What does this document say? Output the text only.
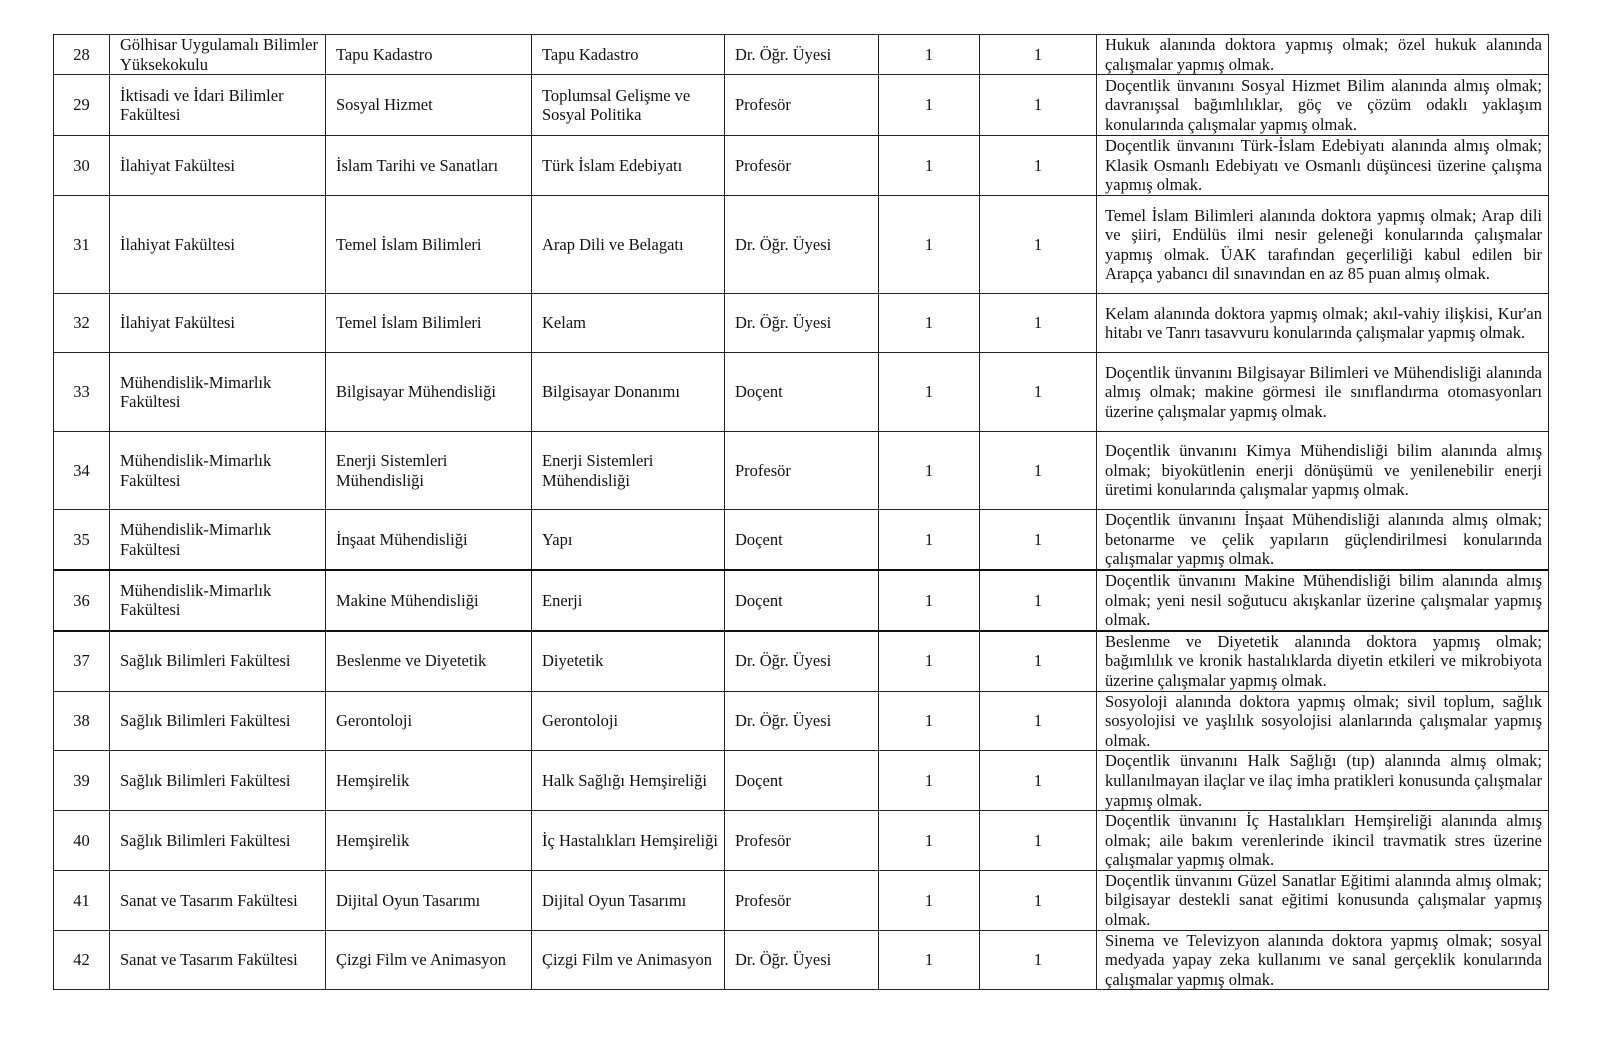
28	Gölhisar Uygulamalı Bilimler Yüksekokulu	Tapu Kadastro	Tapu Kadastro	Dr. Öğr. Üyesi	1	1	Hukuk alanında doktora yapmış olmak; özel hukuk alanında çalışmalar yapmış olmak.
29	İktisadi ve İdari Bilimler Fakültesi	Sosyal Hizmet	Toplumsal Gelişme ve Sosyal Politika	Profesör	1	1	Doçentlik ünvanını Sosyal Hizmet Bilim alanında almış olmak; davranışsal bağımlılıklar, göç ve çözüm odaklı yaklaşım konularında çalışmalar yapmış olmak.
30	İlahiyat Fakültesi	İslam Tarihi ve Sanatları	Türk İslam Edebiyatı	Profesör	1	1	Doçentlik ünvanını Türk-İslam Edebiyatı alanında almış olmak; Klasik Osmanlı Edebiyatı ve Osmanlı düşüncesi üzerine çalışma yapmış olmak.
31	İlahiyat Fakültesi	Temel İslam Bilimleri	Arap Dili ve Belagatı	Dr. Öğr. Üyesi	1	1	Temel İslam Bilimleri alanında doktora yapmış olmak; Arap dili ve şiiri, Endülüs ilmi nesir geleneği konularında çalışmalar yapmış olmak. ÜAK tarafından geçerliliği kabul edilen bir Arapça yabancı dil sınavından en az 85 puan almış olmak.
32	İlahiyat Fakültesi	Temel İslam Bilimleri	Kelam	Dr. Öğr. Üyesi	1	1	Kelam alanında doktora yapmış olmak; akıl-vahiy ilişkisi, Kur'an hitabı ve Tanrı tasavvuru konularında çalışmalar yapmış olmak.
33	Mühendislik-Mimarlık Fakültesi	Bilgisayar Mühendisliği	Bilgisayar Donanımı	Doçent	1	1	Doçentlik ünvanını Bilgisayar Bilimleri ve Mühendisliği alanında almış olmak; makine görmesi ile sınıflandırma otomasyonları üzerine çalışmalar yapmış olmak.
34	Mühendislik-Mimarlık Fakültesi	Enerji Sistemleri Mühendisliği	Enerji Sistemleri Mühendisliği	Profesör	1	1	Doçentlik ünvanını Kimya Mühendisliği bilim alanında almış olmak; biyokütlenin enerji dönüşümü ve yenilenebilir enerji üretimi konularında çalışmalar yapmış olmak.
35	Mühendislik-Mimarlık Fakültesi	İnşaat Mühendisliği	Yapı	Doçent	1	1	Doçentlik ünvanını İnşaat Mühendisliği alanında almış olmak; betonarme ve çelik yapıların güçlendirilmesi konularında çalışmalar yapmış olmak.
36	Mühendislik-Mimarlık Fakültesi	Makine Mühendisliği	Enerji	Doçent	1	1	Doçentlik ünvanını Makine Mühendisliği bilim alanında almış olmak; yeni nesil soğutucu akışkanlar üzerine çalışmalar yapmış olmak.
37	Sağlık Bilimleri Fakültesi	Beslenme ve Diyetetik	Diyetetik	Dr. Öğr. Üyesi	1	1	Beslenme ve Diyetetik alanında doktora yapmış olmak; bağımlılık ve kronik hastalıklarda diyetin etkileri ve mikrobiyota üzerine çalışmalar yapmış olmak.
38	Sağlık Bilimleri Fakültesi	Gerontoloji	Gerontoloji	Dr. Öğr. Üyesi	1	1	Sosyoloji alanında doktora yapmış olmak; sivil toplum, sağlık sosyolojisi ve yaşlılık sosyolojisi alanlarında çalışmalar yapmış olmak.
39	Sağlık Bilimleri Fakültesi	Hemşirelik	Halk Sağlığı Hemşireliği	Doçent	1	1	Doçentlik ünvanını Halk Sağlığı (tıp) alanında almış olmak; kullanılmayan ilaçlar ve ilaç imha pratikleri konusunda çalışmalar yapmış olmak.
40	Sağlık Bilimleri Fakültesi	Hemşirelik	İç Hastalıkları Hemşireliği	Profesör	1	1	Doçentlik ünvanını İç Hastalıkları Hemşireliği alanında almış olmak; aile bakım verenlerinde ikincil travmatik stres üzerine çalışmalar yapmış olmak.
41	Sanat ve Tasarım Fakültesi	Dijital Oyun Tasarımı	Dijital Oyun Tasarımı	Profesör	1	1	Doçentlik ünvanını Güzel Sanatlar Eğitimi alanında almış olmak; bilgisayar destekli sanat eğitimi konusunda çalışmalar yapmış olmak.
42	Sanat ve Tasarım Fakültesi	Çizgi Film ve Animasyon	Çizgi Film ve Animasyon	Dr. Öğr. Üyesi	1	1	Sinema ve Televizyon alanında doktora yapmış olmak; sosyal medyada yapay zeka kullanımı ve sanal gerçeklik konularında çalışmalar yapmış olmak.
